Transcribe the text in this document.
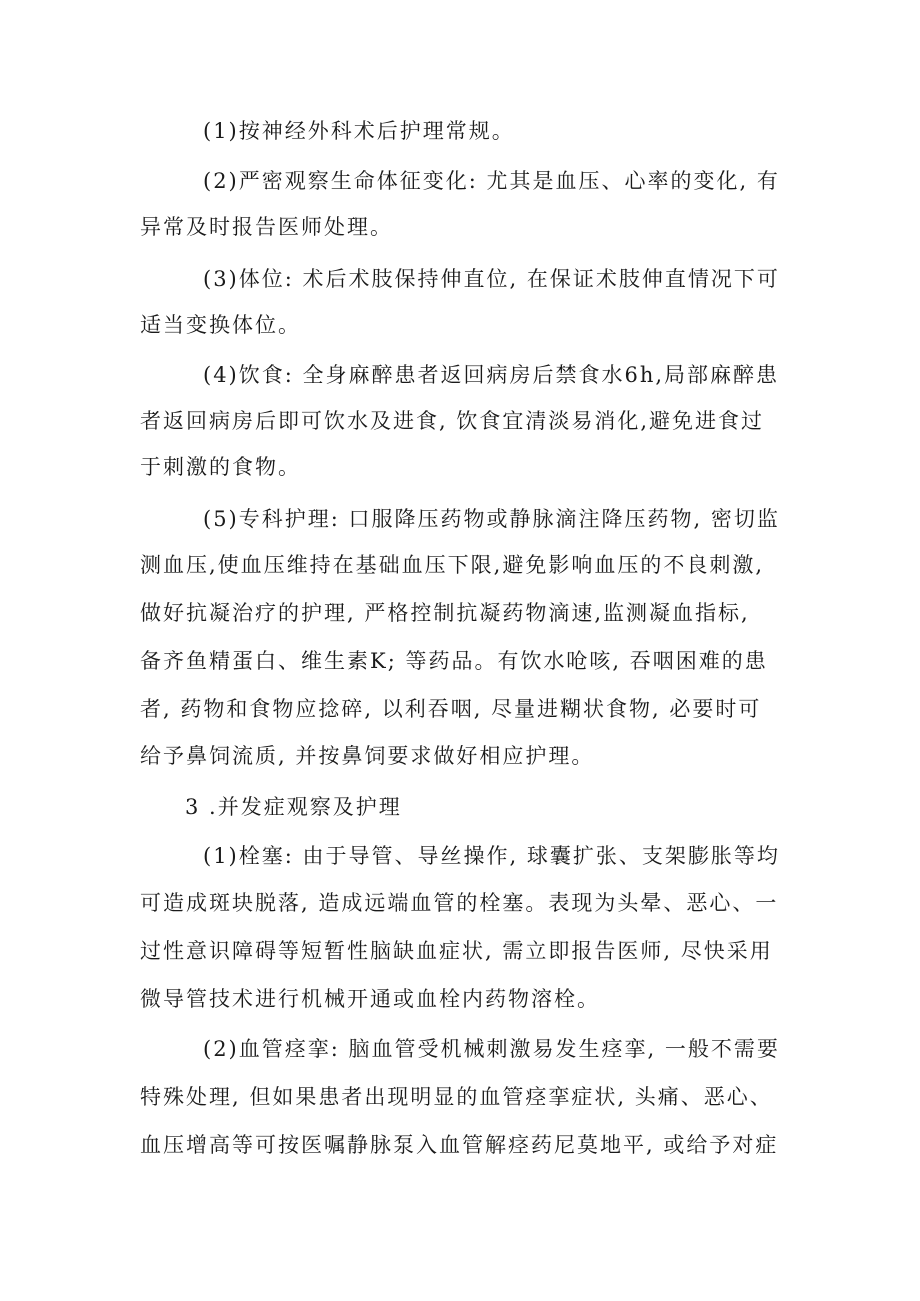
(1)按神经外科术后护理常规。
(2)严密观察生命体征变化: 尤其是血压、心率的变化, 有
异常及时报告医师处理。
(3)体位: 术后术肢保持伸直位, 在保证术肢伸直情况下可
适当变换体位。
(4)饮食: 全身麻醉患者返回病房后禁食水6h,局部麻醉患
者返回病房后即可饮水及进食, 饮食宜清淡易消化,避免进食过
于刺激的食物。
(5)专科护理: 口服降压药物或静脉滴注降压药物, 密切监
测血压,使血压维持在基础血压下限,避免影响血压的不良刺激,
做好抗凝治疗的护理, 严格控制抗凝药物滴速,监测凝血指标,
备齐鱼精蛋白、维生素K; 等药品。有饮水呛咳, 吞咽困难的患
者, 药物和食物应捻碎, 以利吞咽, 尽量进糊状食物, 必要时可
给予鼻饲流质, 并按鼻饲要求做好相应护理。
3 .并发症观察及护理
(1)栓塞: 由于导管、导丝操作, 球囊扩张、支架膨胀等均
可造成斑块脱落, 造成远端血管的栓塞。表现为头晕、恶心、一
过性意识障碍等短暂性脑缺血症状, 需立即报告医师, 尽快采用
微导管技术进行机械开通或血栓内药物溶栓。
(2)血管痉挛: 脑血管受机械刺激易发生痉挛, 一般不需要
特殊处理, 但如果患者出现明显的血管痉挛症状, 头痛、恶心、
血压增高等可按医嘱静脉泵入血管解痉药尼莫地平, 或给予对症
